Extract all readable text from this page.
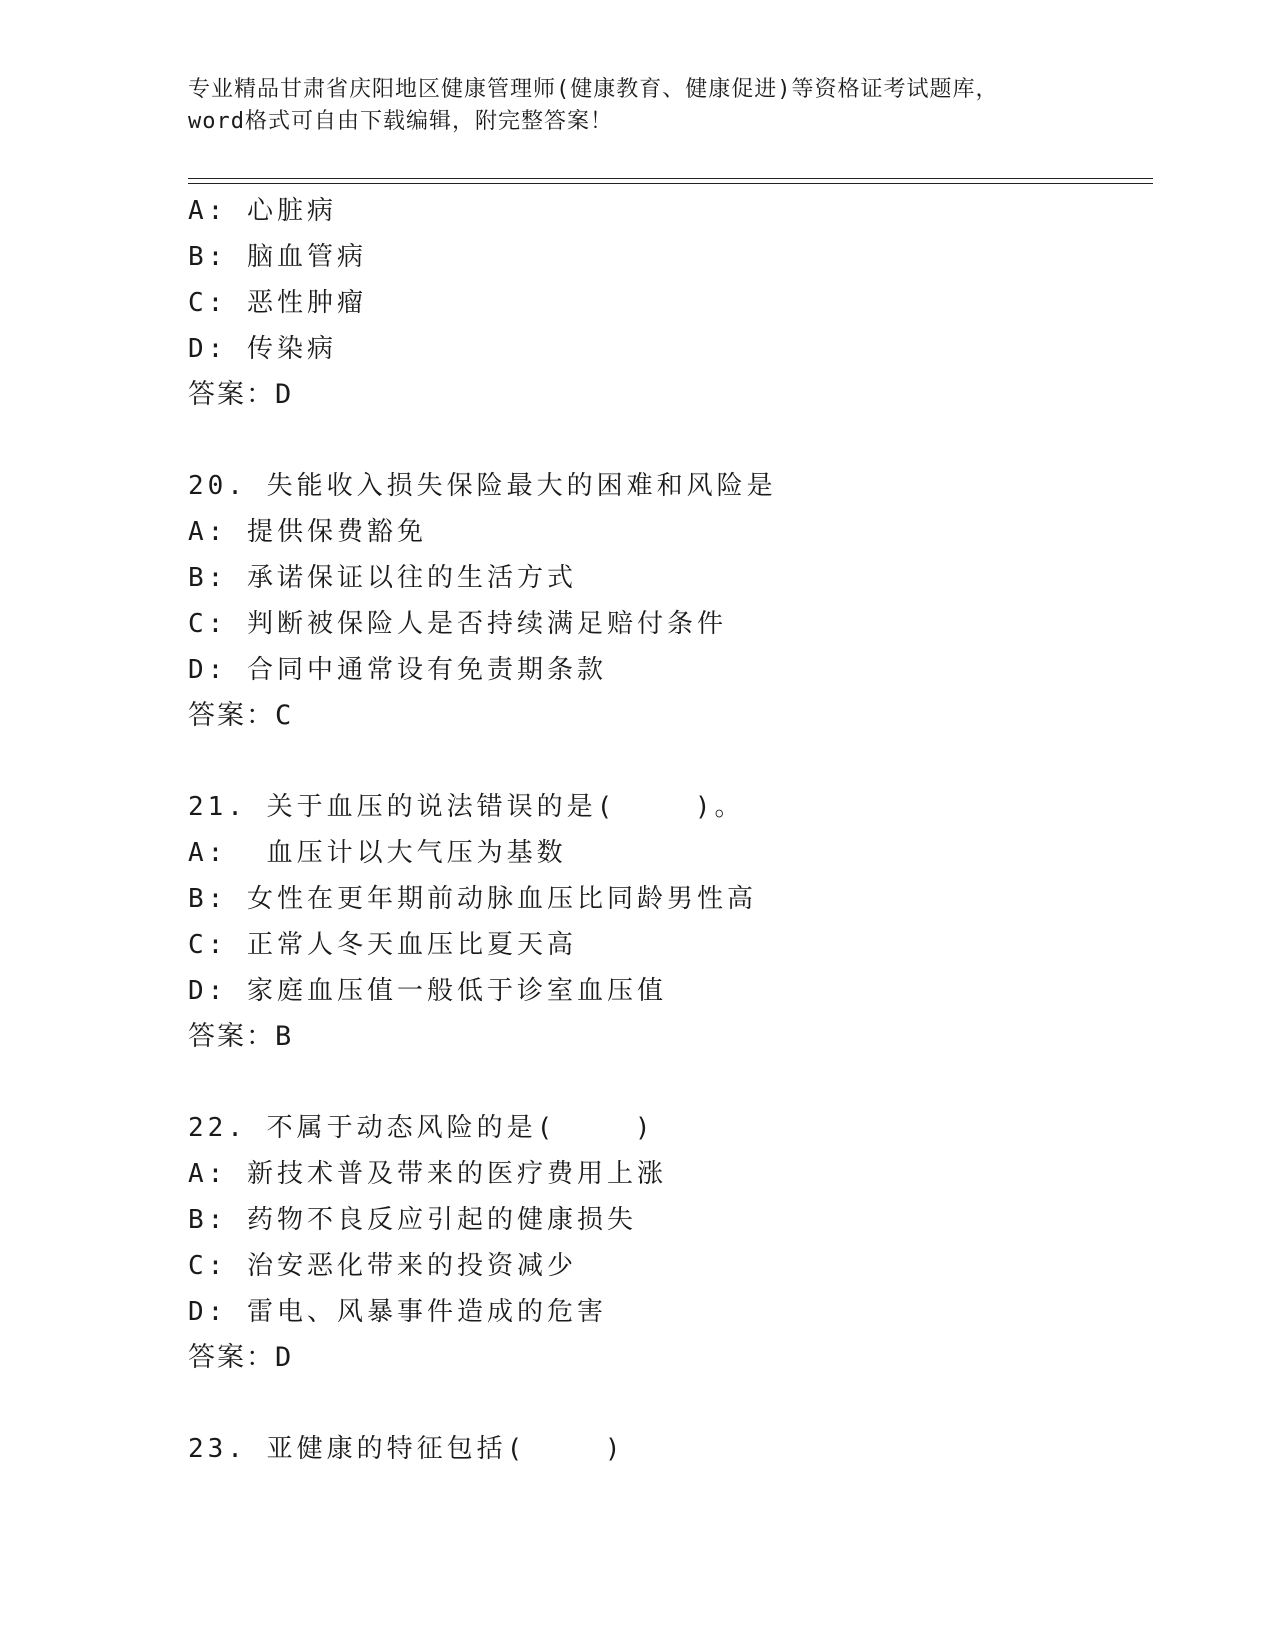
专业精品甘肃省庆阳地区健康管理师(健康教育、健康促进)等资格证考试题库，
word格式可自由下载编辑，附完整答案！
A: 心脏病
B: 脑血管病
C: 恶性肿瘤
D: 传染病
答案：D
20. 失能收入损失保险最大的困难和风险是
A: 提供保费豁免
B: 承诺保证以往的生活方式
C: 判断被保险人是否持续满足赔付条件
D: 合同中通常设有免责期条款
答案：C
21. 关于血压的说法错误的是(    )。
A:  血压计以大气压为基数
B: 女性在更年期前动脉血压比同龄男性高
C: 正常人冬天血压比夏天高
D: 家庭血压值一般低于诊室血压值
答案：B
22. 不属于动态风险的是(    )
A: 新技术普及带来的医疗费用上涨
B: 药物不良反应引起的健康损失
C: 治安恶化带来的投资减少
D: 雷电、风暴事件造成的危害
答案：D
23. 亚健康的特征包括(    )
